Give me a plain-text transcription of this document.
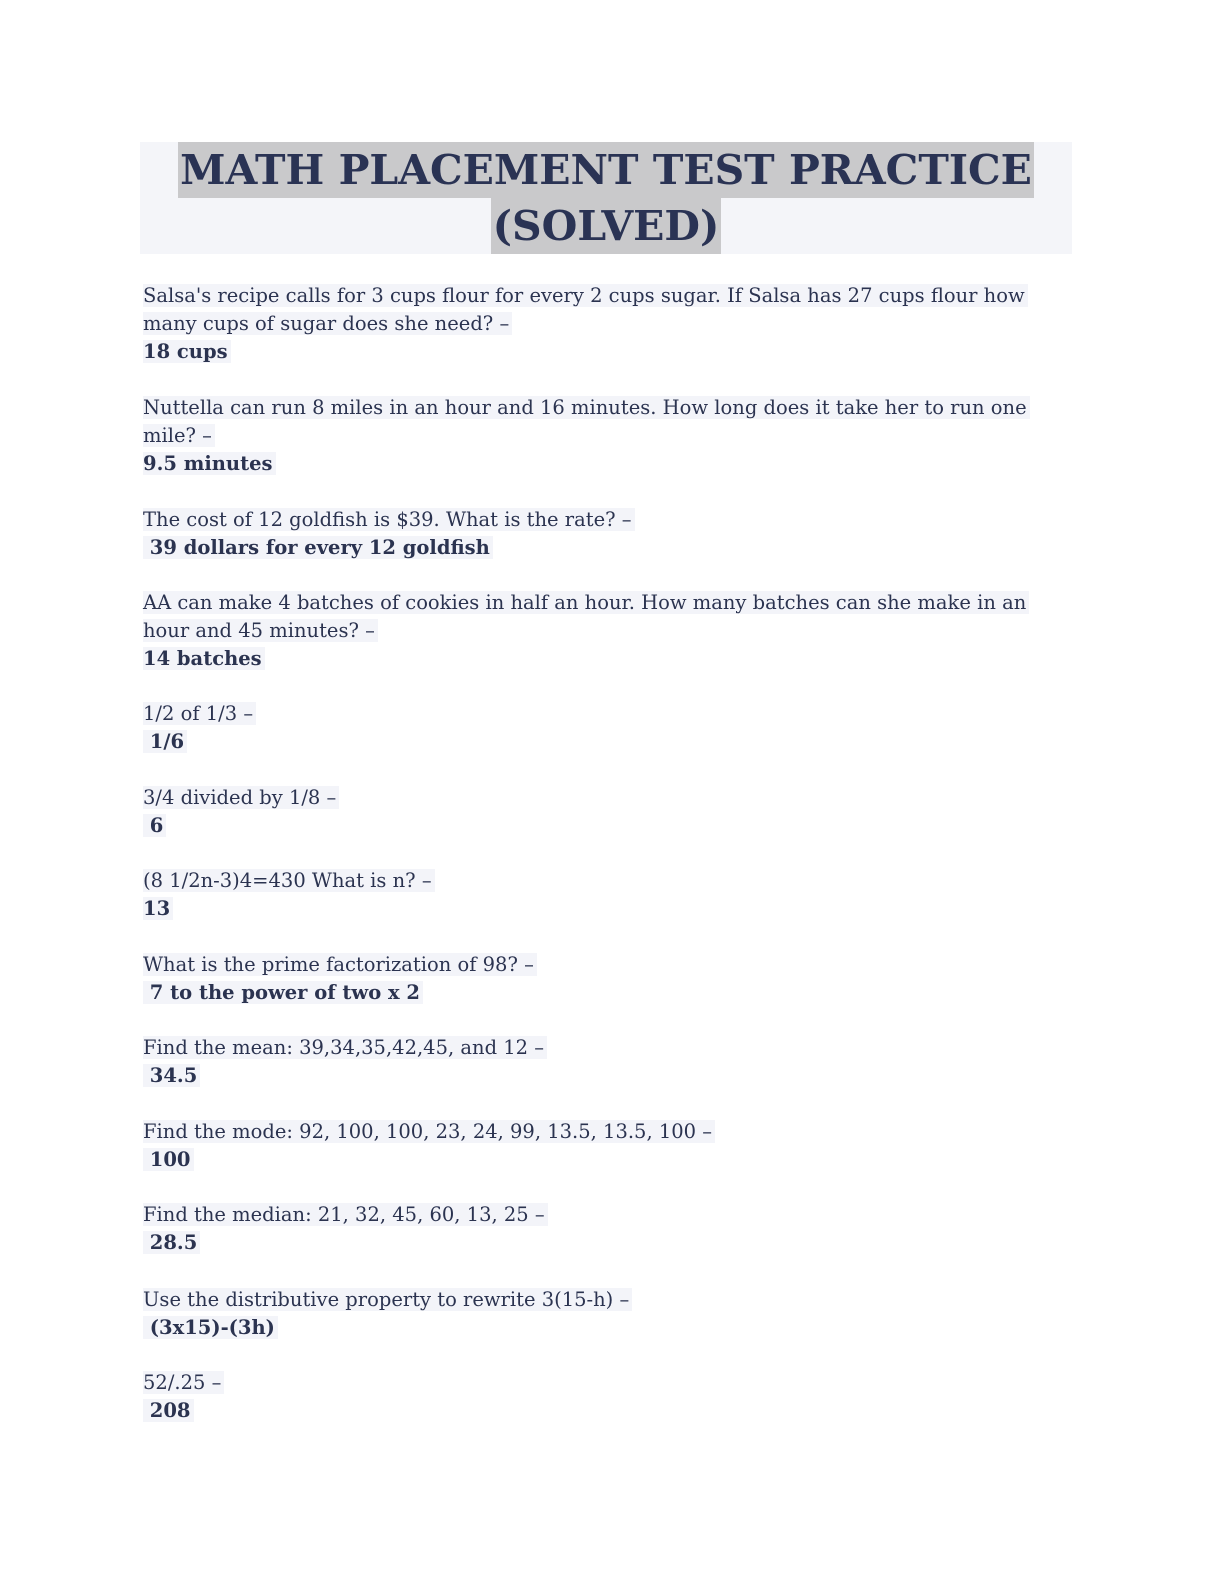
MATH PLACEMENT TEST PRACTICE
(SOLVED)
Salsa's recipe calls for 3 cups flour for every 2 cups sugar. If Salsa has 27 cups flour how
many cups of sugar does she need? –
18 cups
Nuttella can run 8 miles in an hour and 16 minutes. How long does it take her to run one
mile? –
9.5 minutes
The cost of 12 goldfish is $39. What is the rate? –
39 dollars for every 12 goldfish
AA can make 4 batches of cookies in half an hour. How many batches can she make in an
hour and 45 minutes? –
14 batches
1/2 of 1/3 –
1/6
3/4 divided by 1/8 –
6
(8 1/2n-3)4=430 What is n? –
13
What is the prime factorization of 98? –
7 to the power of two x 2
Find the mean: 39,34,35,42,45, and 12 –
34.5
Find the mode: 92, 100, 100, 23, 24, 99, 13.5, 13.5, 100 –
100
Find the median: 21, 32, 45, 60, 13, 25 –
28.5
Use the distributive property to rewrite 3(15-h) –
(3x15)-(3h)
52/.25 –
208
